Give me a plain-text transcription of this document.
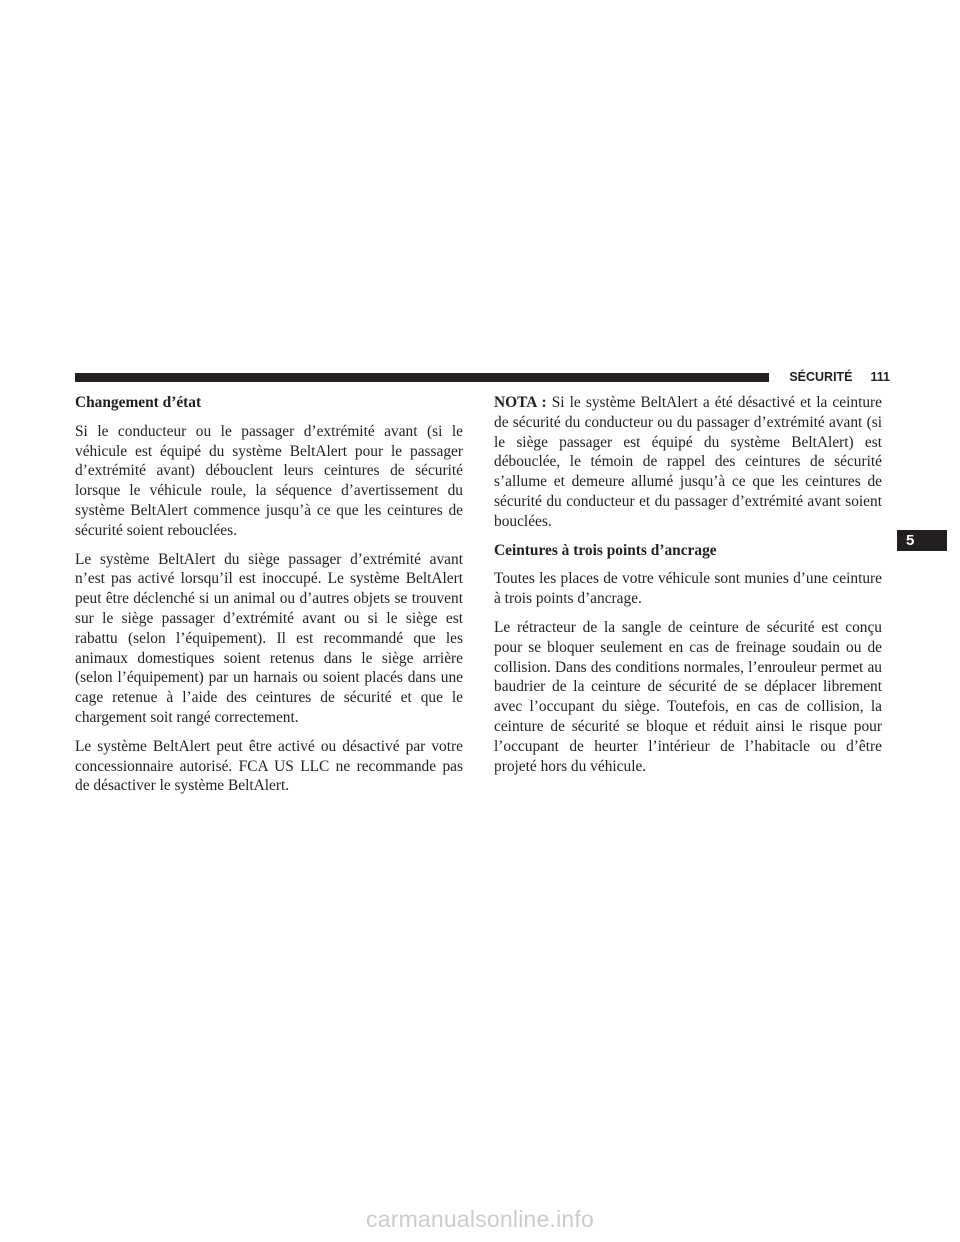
SÉCURITÉ 111
Changement d’état

Si le conducteur ou le passager d’extrémité avant (si le véhicule est équipé du système BeltAlert pour le passager d’extrémité avant) débouclent leurs ceintures de sécurité lorsque le véhicule roule, la séquence d’avertissement du système BeltAlert commence jusqu’à ce que les ceintures de sécurité soient rebouclées.

Le système BeltAlert du siège passager d’extrémité avant n’est pas activé lorsqu’il est inoccupé. Le système BeltAlert peut être déclenché si un animal ou d’autres objets se trouvent sur le siège passager d’extrémité avant ou si le siège est rabattu (selon l’équipement). Il est recommandé que les animaux domestiques soient retenus dans le siège arrière (selon l’équipement) par un harnais ou soient placés dans une cage retenue à l’aide des ceintures de sécurité et que le chargement soit rangé correctement.

Le système BeltAlert peut être activé ou désactivé par votre concessionnaire autorisé. FCA US LLC ne recommande pas de désactiver le système BeltAlert.

NOTA : Si le système BeltAlert a été désactivé et la ceinture de sécurité du conducteur ou du passager d’extrémité avant (si le siège passager est équipé du système BeltAlert) est débouclée, le témoin de rappel des ceintures de sécurité s’allume et demeure allumé jusqu’à ce que les ceintures de sécurité du conducteur et du passager d’extrémité avant soient bouclées.

Ceintures à trois points d’ancrage

Toutes les places de votre véhicule sont munies d’une ceinture à trois points d’ancrage.

Le rétracteur de la sangle de ceinture de sécurité est conçu pour se bloquer seulement en cas de freinage soudain ou de collision. Dans des conditions normales, l’enrouleur permet au baudrier de la ceinture de sécurité de se déplacer librement avec l’occupant du siège. Toutefois, en cas de collision, la ceinture de sécurité se bloque et réduit ainsi le risque pour l’occupant de heurter l’intérieur de l’habitacle ou d’être projeté hors du véhicule.

5
carmanualsonline.info
